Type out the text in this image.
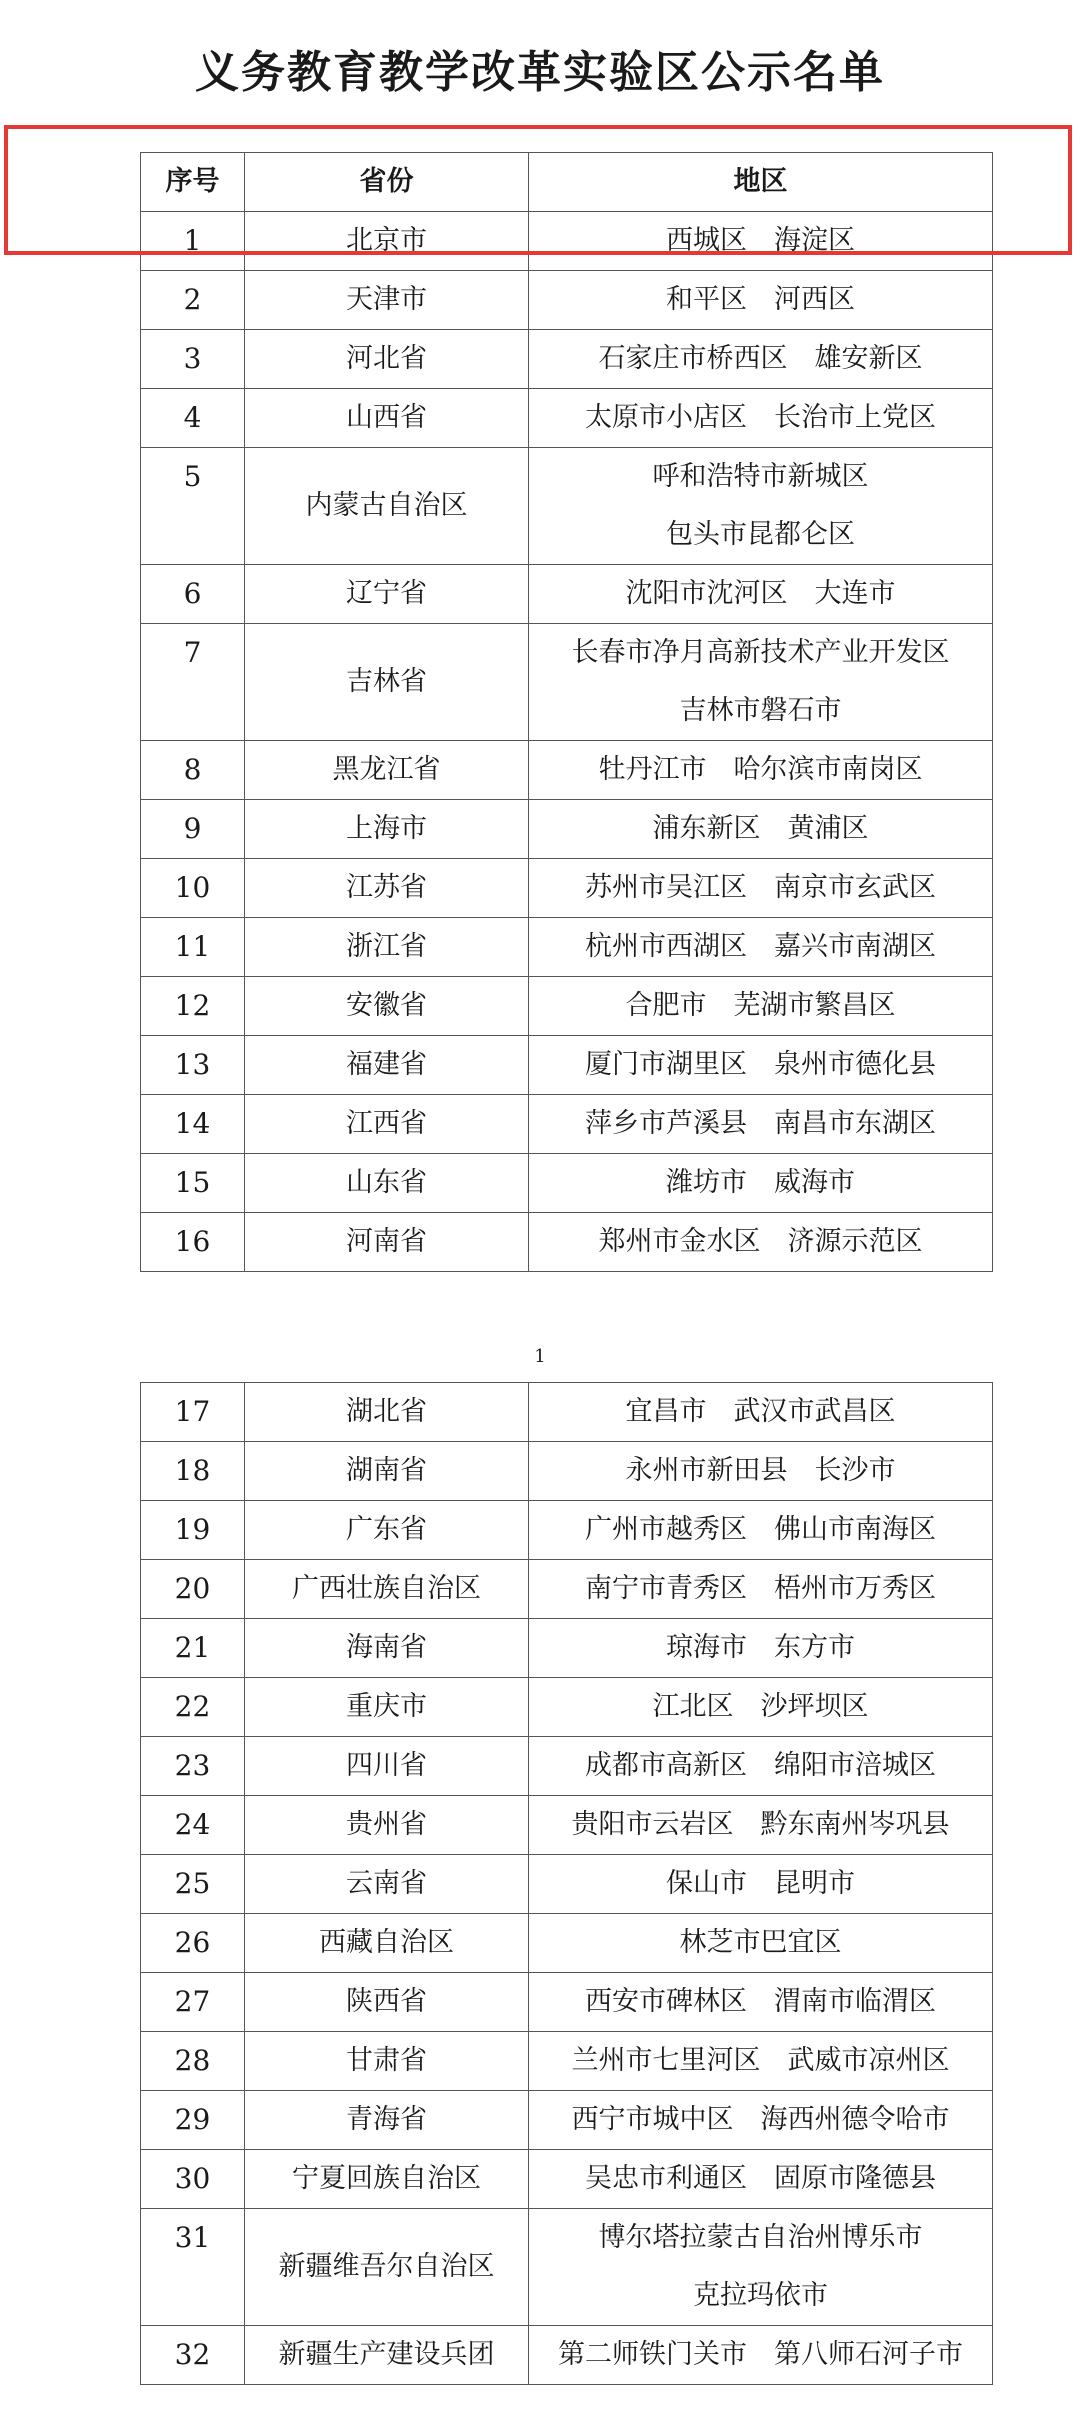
义务教育教学改革实验区公示名单
序号	省份	地区
1	北京市	西城区　海淀区

2	天津市	和平区　河西区

3	河北省	石家庄市桥西区　雄安新区

4	山西省	太原市小店区　长治市上党区

5	内蒙古自治区	呼和浩特市新城区
包头市昆都仑区

6	辽宁省	沈阳市沈河区　大连市

7	吉林省	长春市净月高新技术产业开发区
吉林市磐石市

8	黑龙江省	牡丹江市　哈尔滨市南岗区

9	上海市	浦东新区　黄浦区

10	江苏省	苏州市吴江区　南京市玄武区

11	浙江省	杭州市西湖区　嘉兴市南湖区

12	安徽省	合肥市　芜湖市繁昌区

13	福建省	厦门市湖里区　泉州市德化县

14	江西省	萍乡市芦溪县　南昌市东湖区

15	山东省	潍坊市　威海市

16	河南省	郑州市金水区　济源示范区
1
17	湖北省	宜昌市　武汉市武昌区

18	湖南省	永州市新田县　长沙市

19	广东省	广州市越秀区　佛山市南海区

20	广西壮族自治区	南宁市青秀区　梧州市万秀区

21	海南省	琼海市　东方市

22	重庆市	江北区　沙坪坝区

23	四川省	成都市高新区　绵阳市涪城区

24	贵州省	贵阳市云岩区　黔东南州岑巩县

25	云南省	保山市　昆明市

26	西藏自治区	林芝市巴宜区

27	陕西省	西安市碑林区　渭南市临渭区

28	甘肃省	兰州市七里河区　武威市凉州区

29	青海省	西宁市城中区　海西州德令哈市

30	宁夏回族自治区	吴忠市利通区　固原市隆德县

31	新疆维吾尔自治区	博尔塔拉蒙古自治州博乐市
克拉玛依市

32	新疆生产建设兵团	第二师铁门关市　第八师石河子市
